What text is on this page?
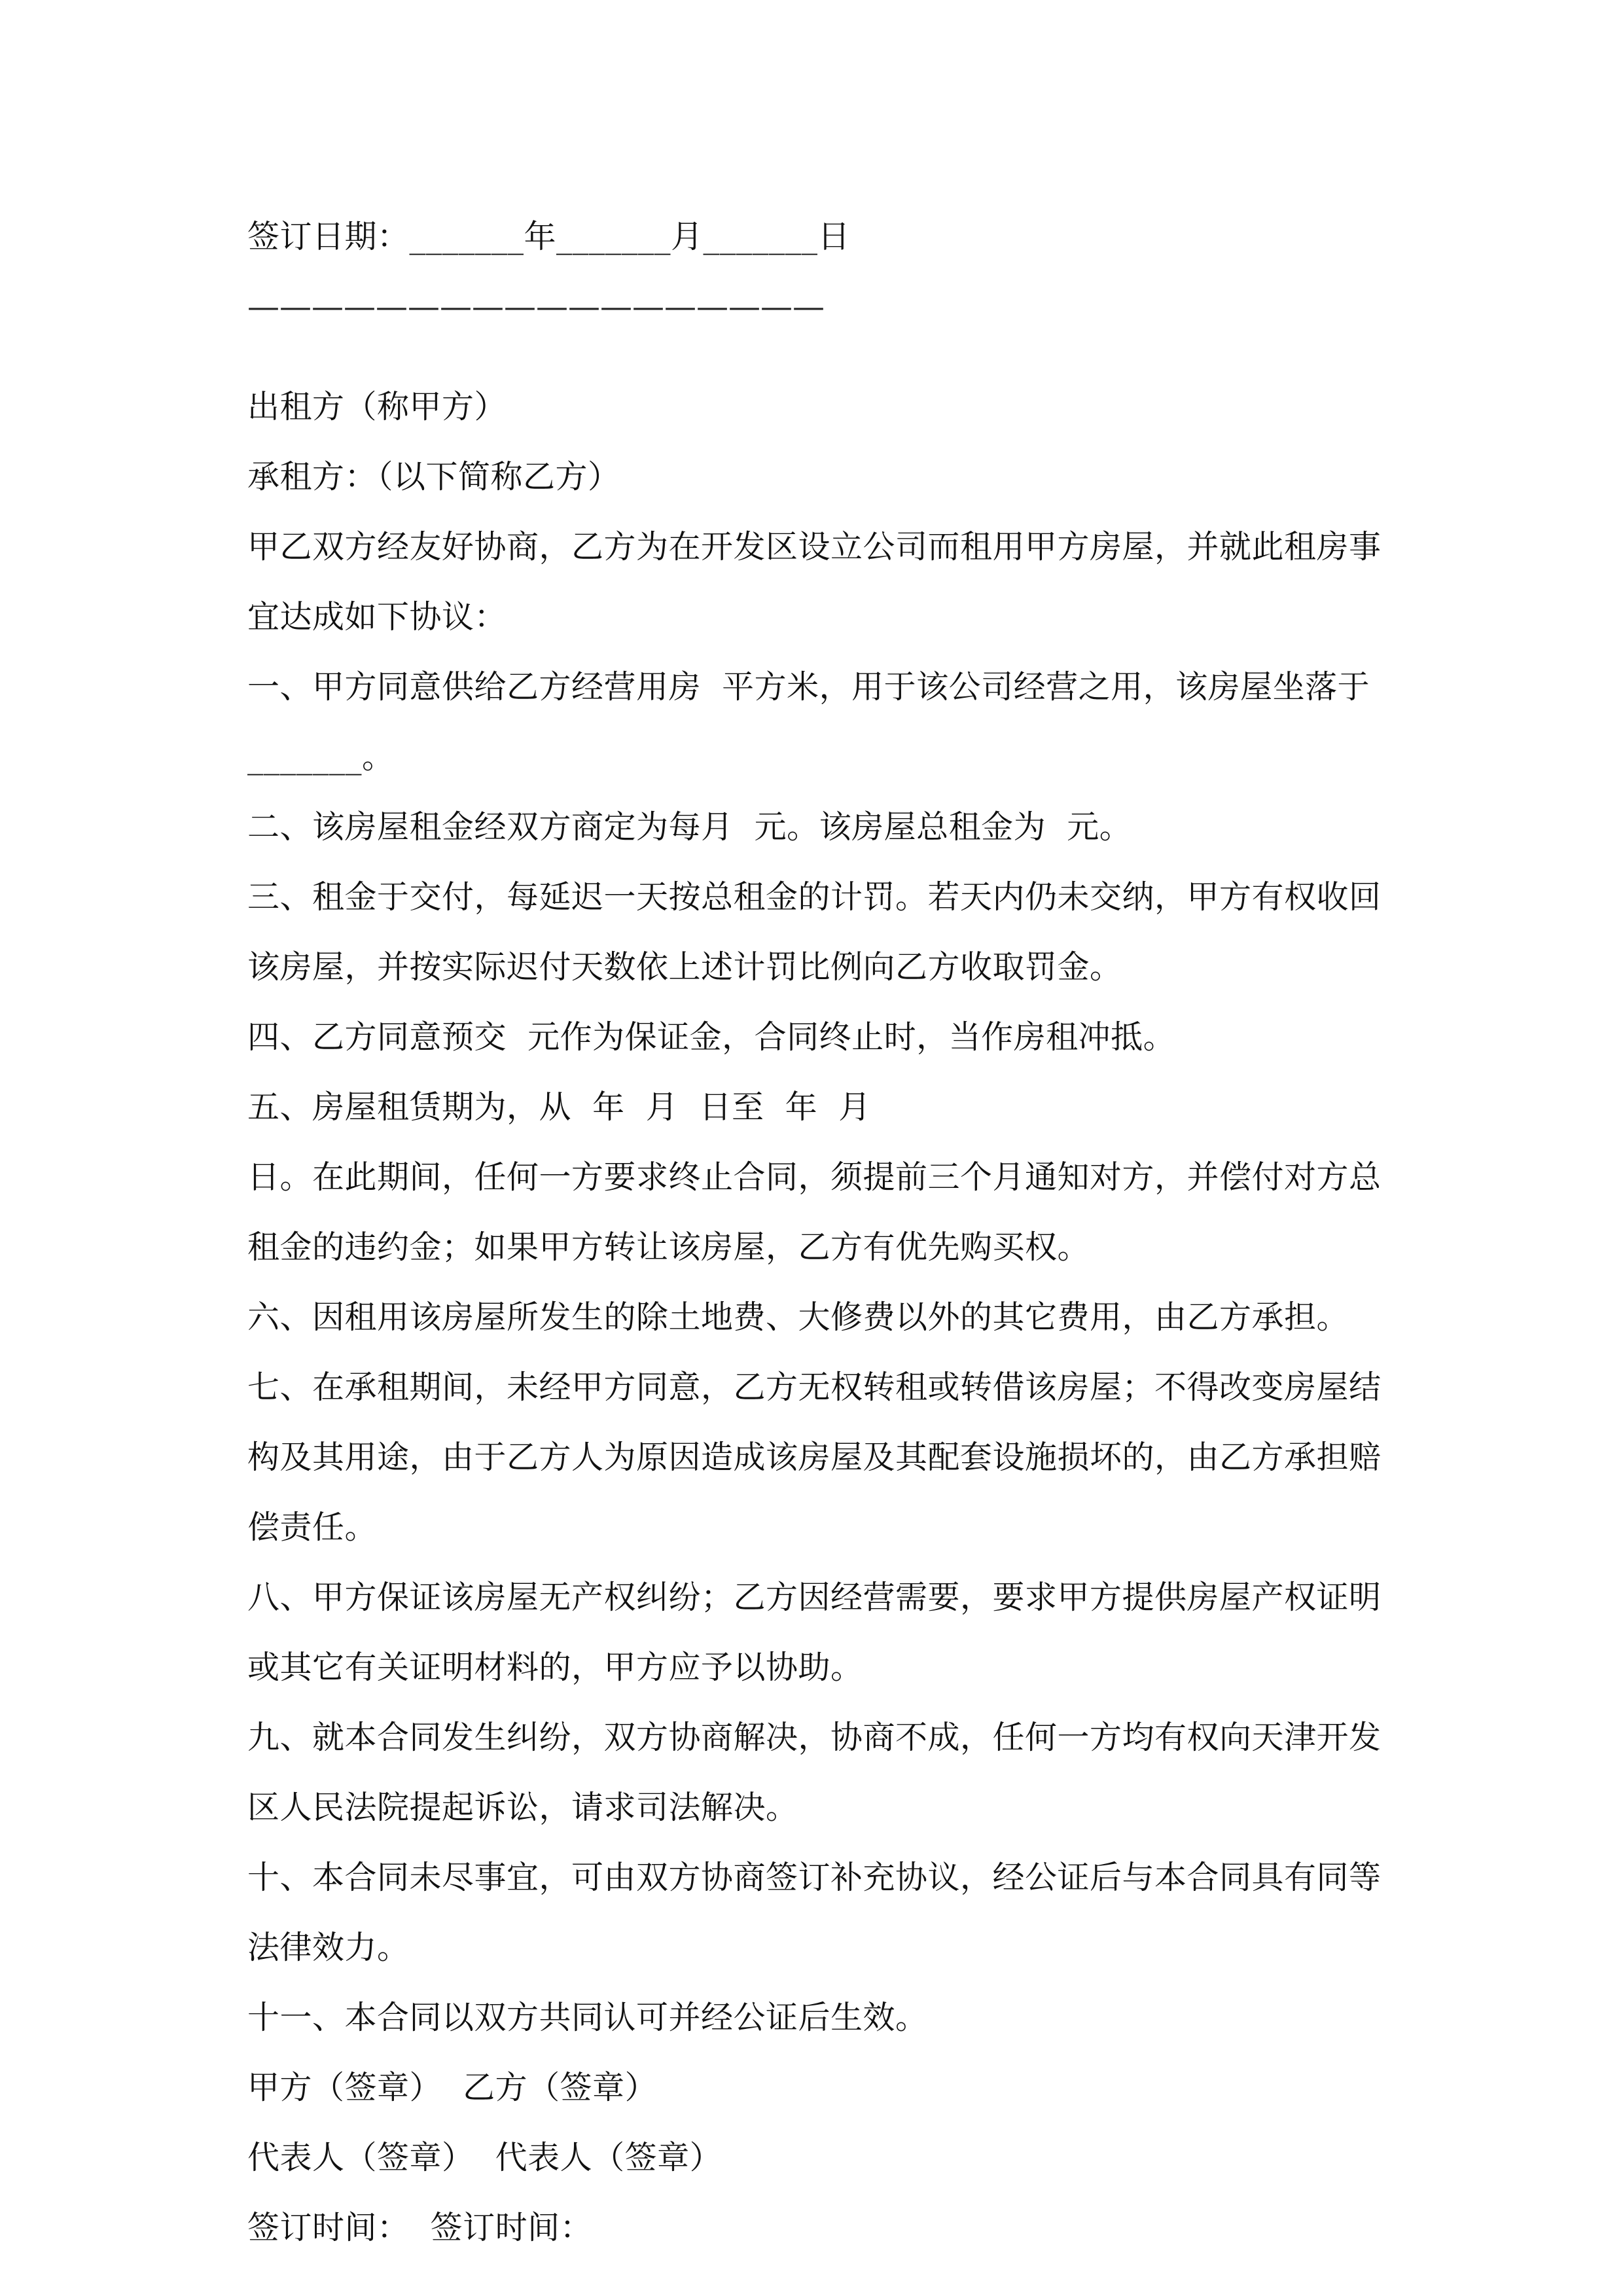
签订日期：_______年_______月_______日
——————————————————
出租方（称甲方）
承租方：（以下简称乙方）
甲乙双方经友好协商，乙方为在开发区设立公司而租用甲方房屋，并就此租房事
宜达成如下协议：
一、甲方同意供给乙方经营用房  平方米，用于该公司经营之用，该房屋坐落于
_______。
二、该房屋租金经双方商定为每月  元。该房屋总租金为  元。
三、租金于交付，每延迟一天按总租金的计罚。若天内仍未交纳，甲方有权收回
该房屋，并按实际迟付天数依上述计罚比例向乙方收取罚金。
四、乙方同意预交  元作为保证金，合同终止时，当作房租冲抵。
五、房屋租赁期为，从  年  月  日至  年  月
日。在此期间，任何一方要求终止合同，须提前三个月通知对方，并偿付对方总
租金的违约金；如果甲方转让该房屋，乙方有优先购买权。
六、因租用该房屋所发生的除土地费、大修费以外的其它费用，由乙方承担。
七、在承租期间，未经甲方同意，乙方无权转租或转借该房屋；不得改变房屋结
构及其用途，由于乙方人为原因造成该房屋及其配套设施损坏的，由乙方承担赔
偿责任。
八、甲方保证该房屋无产权纠纷；乙方因经营需要，要求甲方提供房屋产权证明
或其它有关证明材料的，甲方应予以协助。
九、就本合同发生纠纷，双方协商解决，协商不成，任何一方均有权向天津开发
区人民法院提起诉讼，请求司法解决。
十、本合同未尽事宜，可由双方协商签订补充协议，经公证后与本合同具有同等
法律效力。
十一、本合同以双方共同认可并经公证后生效。
甲方（签章）  乙方（签章）
代表人（签章）  代表人（签章）
签订时间：  签订时间：
